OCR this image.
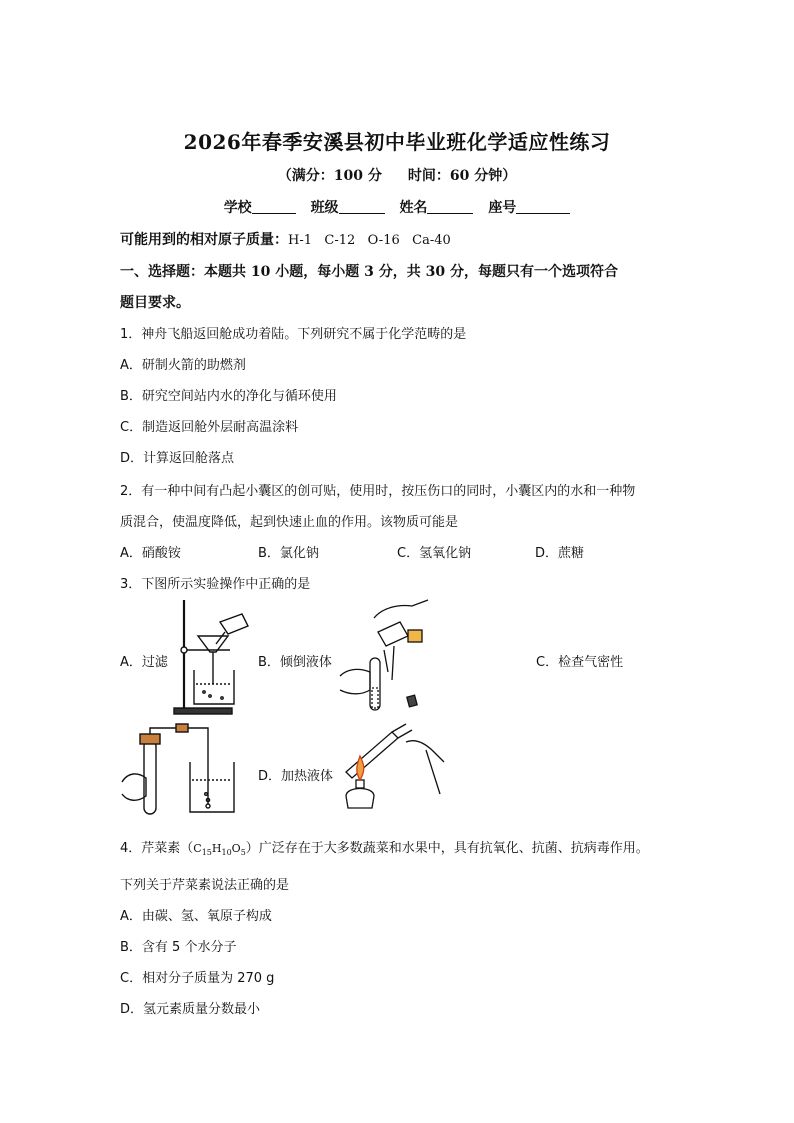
2026年春季安溪县初中毕业班化学适应性练习
（满分：100 分 时间：60 分钟）
学校	班级	姓名	座号
可能用到的相对原子质量：H-1   C-12   O-16   Ca-40
一、选择题：本题共 10 小题，每小题 3 分，共 30 分，每题只有一个选项符合
题目要求。
1．神舟飞船返回舱成功着陆。下列研究不属于化学范畴的是
A．研制火箭的助燃剂
B．研究空间站内水的净化与循环使用
C．制造返回舱外层耐高温涂料
D．计算返回舱落点
2．有一种中间有凸起小囊区的创可贴，使用时，按压伤口的同时，小囊区内的水和一种物
质混合，使温度降低，起到快速止血的作用。该物质可能是
A．硝酸铵	B．氯化钠	C．氢氧化钠	D．蔗糖
3．下图所示实验操作中正确的是
A．过滤	B．倾倒液体	C．检查气密性
D．加热液体
4．芹菜素$(C_{15}H_{10}O_5)$广泛存在于大多数蔬菜和水果中，具有抗氧化、抗菌、抗病毒作用。
下列关于芹菜素说法正确的是
A．由碳、氢、氧原子构成
B．含有 5 个水分子
C．相对分子质量为 270 g
D．氢元素质量分数最小
